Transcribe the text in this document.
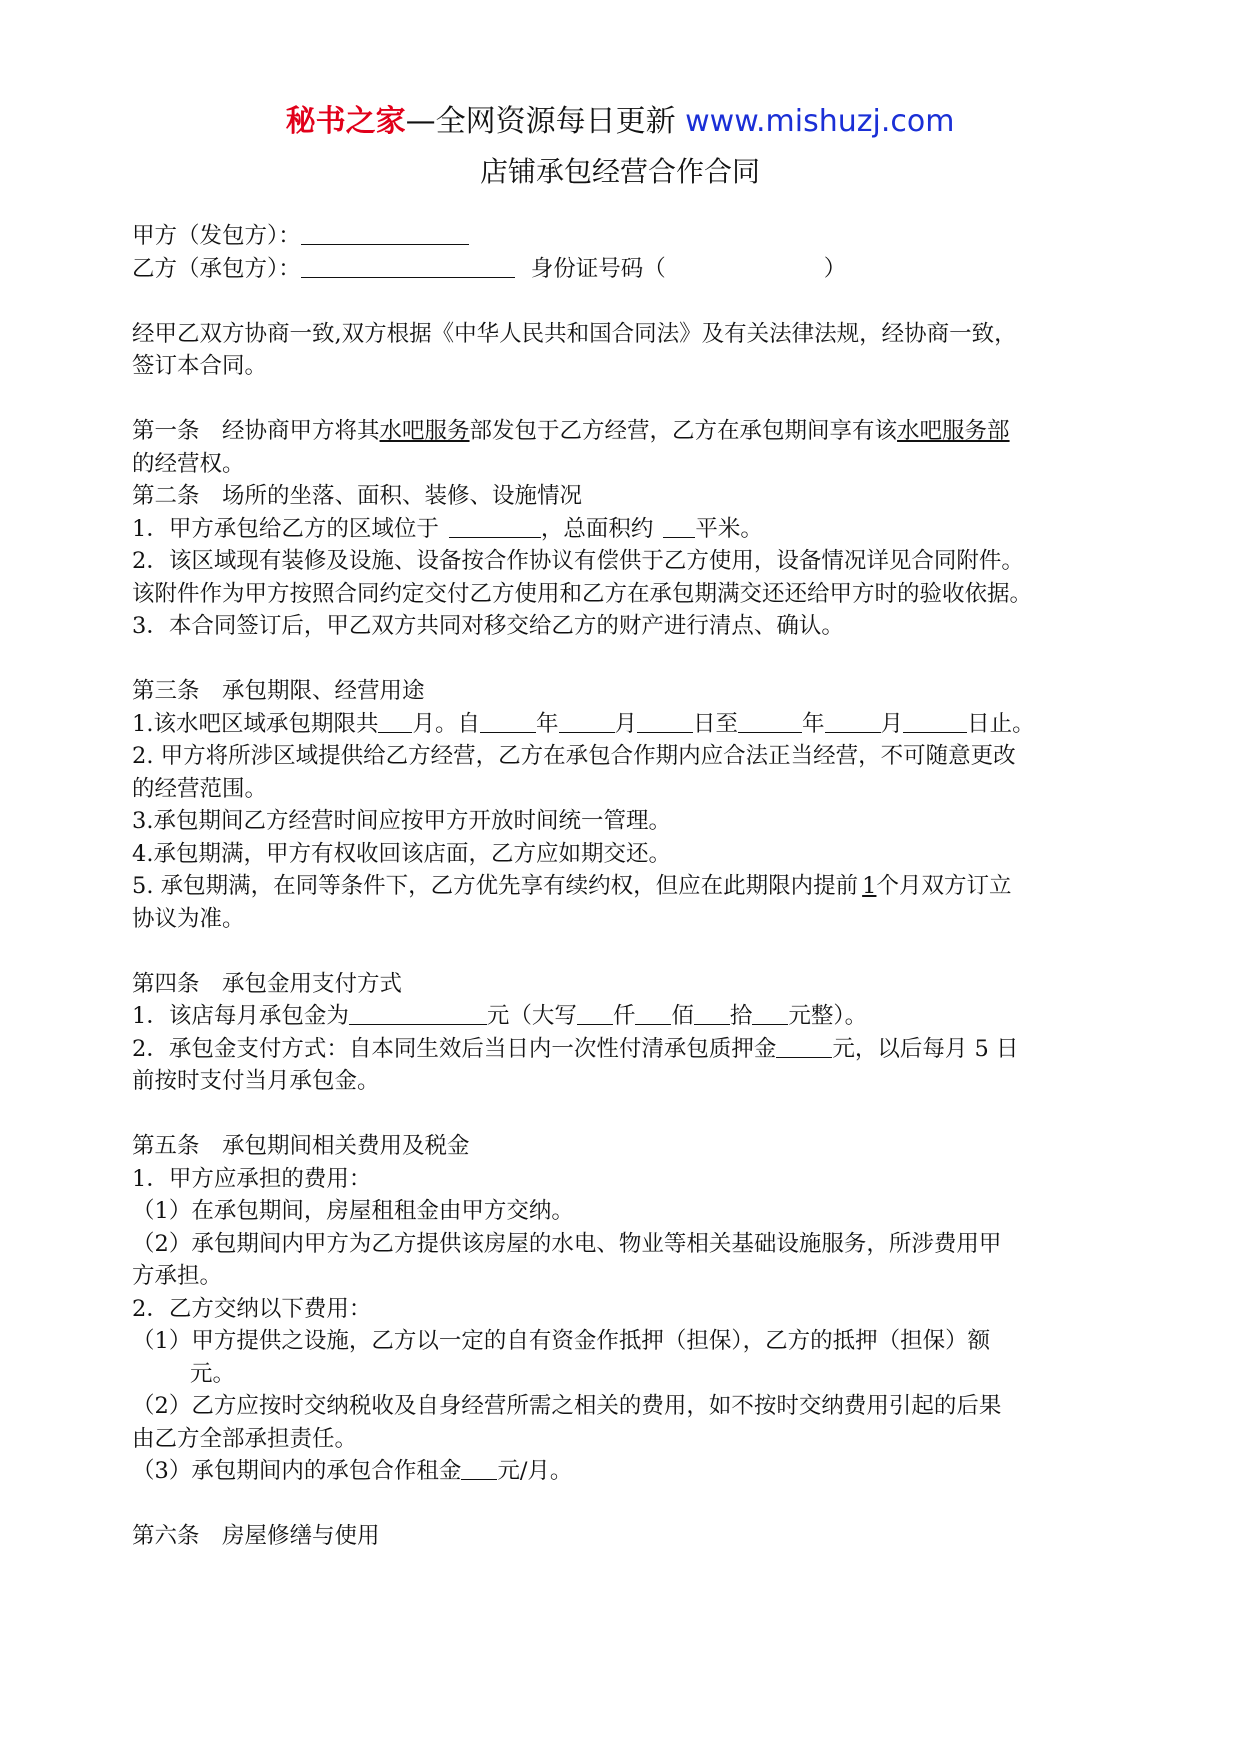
秘书之家—全网资源每日更新 www.mishuzj.com
店铺承包经营合作合同
甲方（发包方）：
乙方（承包方）：	身份证号码（	）
经甲乙双方协商一致,双方根据《中华人民共和国合同法》及有关法律法规，经协商一致，
签订本合同。
第一条　经协商甲方将其水吧服务部发包于乙方经营，乙方在承包期间享有该水吧服务部
的经营权。
第二条　场所的坐落、面积、装修、设施情况
1．甲方承包给乙方的区域位于	，总面积约 平米。
2．该区域现有装修及设施、设备按合作协议有偿供于乙方使用，设备情况详见合同附件。
该附件作为甲方按照合同约定交付乙方使用和乙方在承包期满交还还给甲方时的验收依据。
3．本合同签订后，甲乙双方共同对移交给乙方的财产进行清点、确认。
第三条　承包期限、经营用途
1.该水吧区域承包期限共 月。自 年 月 日至	年 月	日止。
2. 甲方将所涉区域提供给乙方经营，乙方在承包合作期内应合法正当经营，不可随意更改
的经营范围。
3.承包期间乙方经营时间应按甲方开放时间统一管理。
4.承包期满，甲方有权收回该店面，乙方应如期交还。
5. 承包期满，在同等条件下，乙方优先享有续约权，但应在此期限内提前 1个月双方订立
协议为准。
第四条　承包金用支付方式
1．该店每月承包金为	元（大写 仟 佰 拾 元整）。
2．承包金支付方式：自本同生效后当日内一次性付清承包质押金 元，以后每月 5 日
前按时支付当月承包金。
第五条　承包期间相关费用及税金
1．甲方应承担的费用：
（1）在承包期间，房屋租租金由甲方交纳。
（2）承包期间内甲方为乙方提供该房屋的水电、物业等相关基础设施服务，所涉费用甲
方承担。
2．乙方交纳以下费用：
（1）甲方提供之设施，乙方以一定的自有资金作抵押（担保），乙方的抵押（担保）额
元。
（2）乙方应按时交纳税收及自身经营所需之相关的费用，如不按时交纳费用引起的后果
由乙方全部承担责任。
（3）承包期间内的承包合作租金 元/月。
第六条　房屋修缮与使用
